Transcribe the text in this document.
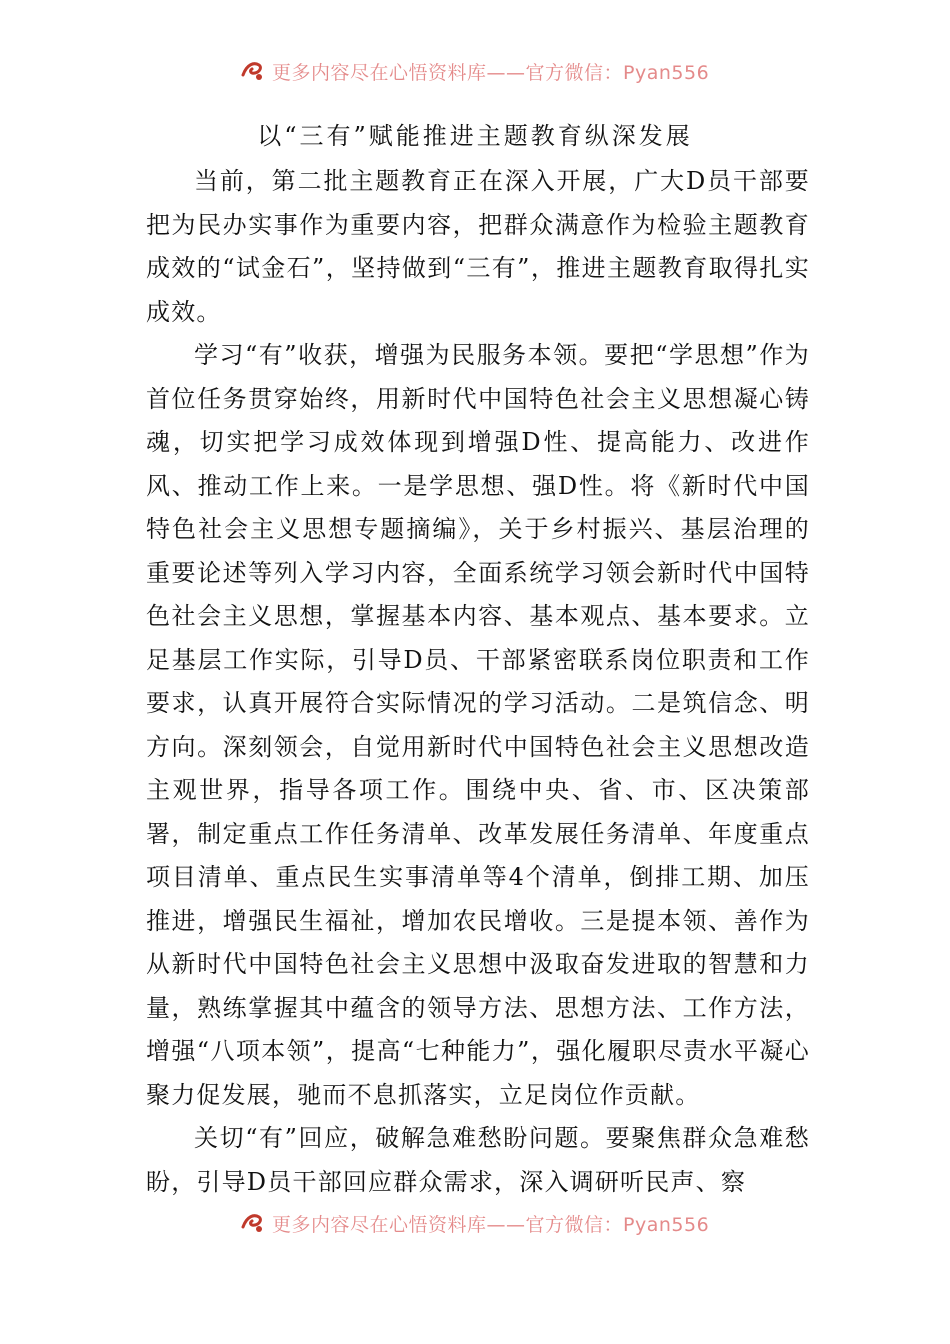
更多内容尽在心悟资料库——官方微信：Pyan556
以“三有”赋能推进主题教育纵深发展

当前，第二批主题教育正在深入开展，广大D员干部要把为民办实事作为重要内容，把群众满意作为检验主题教育成效的“试金石”，坚持做到“三有”，推进主题教育取得扎实成效。

学习“有”收获，增强为民服务本领。要把“学思想”作为首位任务贯穿始终，用新时代中国特色社会主义思想凝心铸魂，切实把学习成效体现到增强D性、提高能力、改进作风、推动工作上来。一是学思想、强D性。将《新时代中国特色社会主义思想专题摘编》，关于乡村振兴、基层治理的重要论述等列入学习内容，全面系统学习领会新时代中国特色社会主义思想，掌握基本内容、基本观点、基本要求。立足基层工作实际，引导D员、干部紧密联系岗位职责和工作要求，认真开展符合实际情况的学习活动。二是筑信念、明方向。深刻领会，自觉用新时代中国特色社会主义思想改造主观世界，指导各项工作。围绕中央、省、市、区决策部署，制定重点工作任务清单、改革发展任务清单、年度重点项目清单、重点民生实事清单等4个清单，倒排工期、加压推进，增强民生福祉，增加农民增收。三是提本领、善作为从新时代中国特色社会主义思想中汲取奋发进取的智慧和力量，熟练掌握其中蕴含的领导方法、思想方法、工作方法，增强“八项本领”，提高“七种能力”，强化履职尽责水平凝心聚力促发展，驰而不息抓落实，立足岗位作贡献。

关切“有”回应，破解急难愁盼问题。要聚焦群众急难愁盼，引导D员干部回应群众需求，深入调研听民声、察

更多内容尽在心悟资料库——官方微信：Pyan556
